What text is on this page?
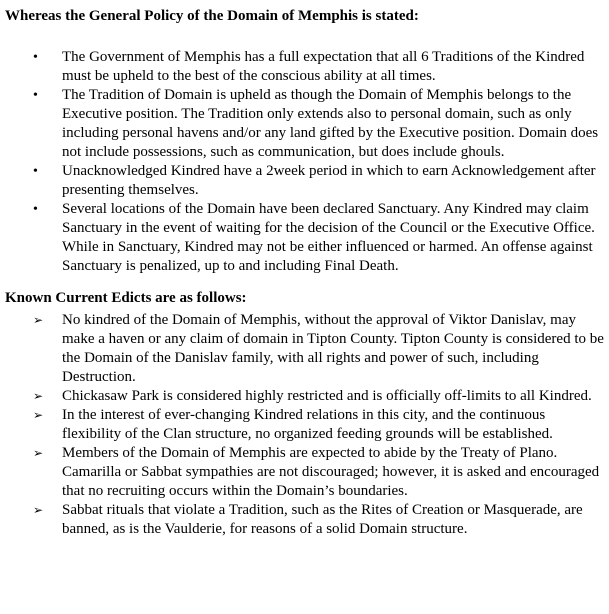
Whereas the General Policy of the Domain of Memphis is stated:
•	The Government of Memphis has a full expectation that all 6 Traditions of the Kindred must be upheld to the best of the conscious ability at all times.
•	The Tradition of Domain is upheld as though the Domain of Memphis belongs to the Executive position. The Tradition only extends also to personal domain, such as only including personal havens and/or any land gifted by the Executive position. Domain does not include possessions, such as communication, but does include ghouls.
•	Unacknowledged Kindred have a 2week period in which to earn Acknowledgement after presenting themselves.
•	Several locations of the Domain have been declared Sanctuary. Any Kindred may claim Sanctuary in the event of waiting for the decision of the Council or the Executive Office. While in Sanctuary, Kindred may not be either influenced or harmed. An offense against Sanctuary is penalized, up to and including Final Death.
Known Current Edicts are as follows:
➢	No kindred of the Domain of Memphis, without the approval of Viktor Danislav, may make a haven or any claim of domain in Tipton County. Tipton County is considered to be the Domain of the Danislav family, with all rights and power of such, including Destruction.
➢	Chickasaw Park is considered highly restricted and is officially off-limits to all Kindred.
➢	In the interest of ever-changing Kindred relations in this city, and the continuous flexibility of the Clan structure, no organized feeding grounds will be established.
➢	Members of the Domain of Memphis are expected to abide by the Treaty of Plano. Camarilla or Sabbat sympathies are not discouraged; however, it is asked and encouraged that no recruiting occurs within the Domain’s boundaries.
➢	Sabbat rituals that violate a Tradition, such as the Rites of Creation or Masquerade, are banned, as is the Vaulderie, for reasons of a solid Domain structure.
